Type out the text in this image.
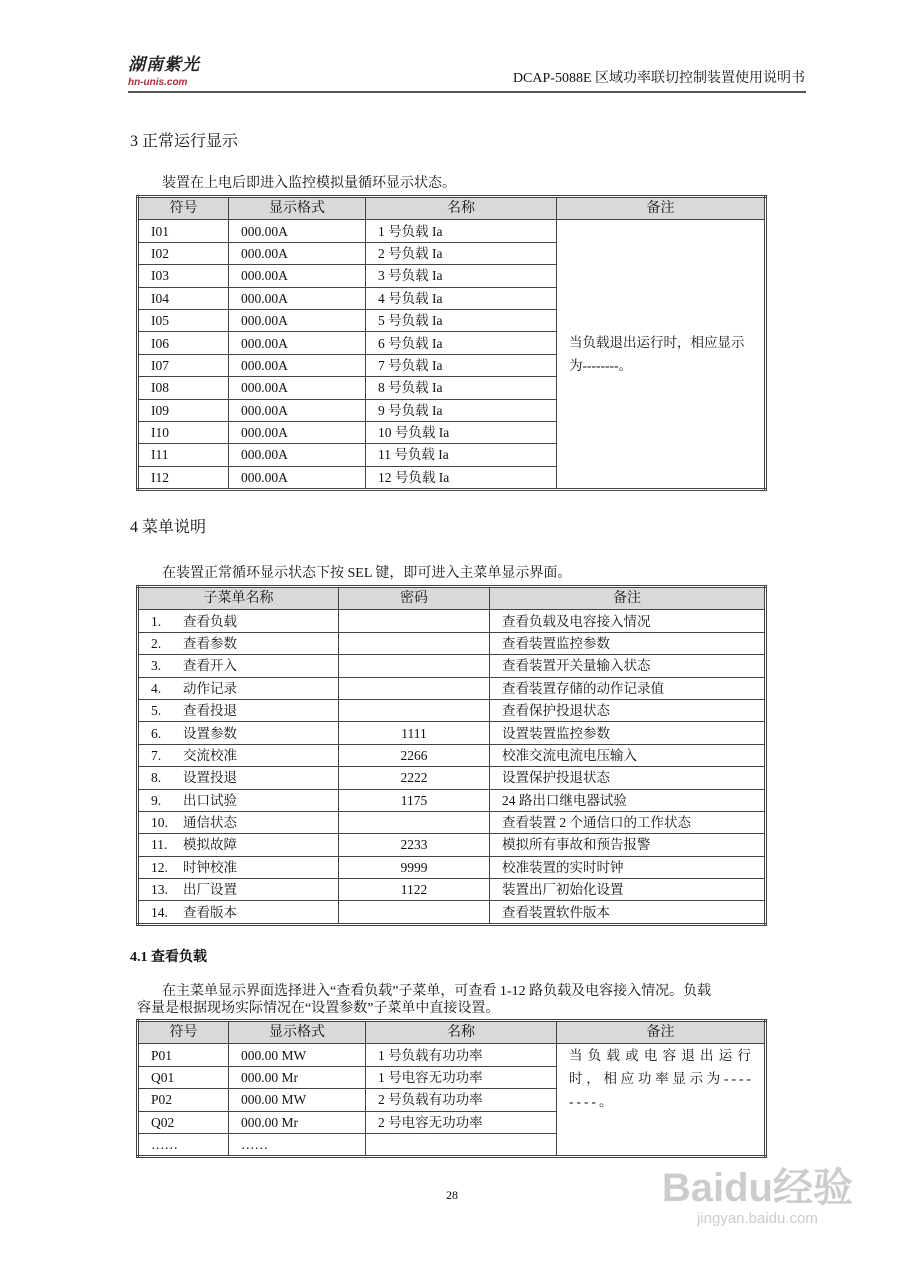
湖南紫光
hn-unis.com	DCAP-5088E 区域功率联切控制装置使用说明书
3 正常运行显示
装置在上电后即进入监控模拟量循环显示状态。
符号	显示格式	名称	备注
I01	000.00A	1 号负载 Ia	当负载退出运行时，相应显示为--------。
I02	000.00A	2 号负载 Ia	
I03	000.00A	3 号负载 Ia	
I04	000.00A	4 号负载 Ia	
I05	000.00A	5 号负载 Ia	
I06	000.00A	6 号负载 Ia	
I07	000.00A	7 号负载 Ia	
I08	000.00A	8 号负载 Ia	
I09	000.00A	9 号负载 Ia	
I10	000.00A	10 号负载 Ia	
I11	000.00A	11 号负载 Ia	
I12	000.00A	12 号负载 Ia	
4 菜单说明
在装置正常循环显示状态下按 SEL 键，即可进入主菜单显示界面。
子菜单名称	密码	备注
1. 查看负载		查看负载及电容接入情况
2. 查看参数		查看装置监控参数
3. 查看开入		查看装置开关量输入状态
4. 动作记录		查看装置存储的动作记录值
5. 查看投退		查看保护投退状态
6. 设置参数	1111	设置装置监控参数
7. 交流校准	2266	校准交流电流电压输入
8. 设置投退	2222	设置保护投退状态
9. 出口试验	1175	24 路出口继电器试验
10. 通信状态		查看装置 2 个通信口的工作状态
11. 模拟故障	2233	模拟所有事故和预告报警
12. 时钟校准	9999	校准装置的实时时钟
13. 出厂设置	1122	装置出厂初始化设置
14. 查看版本		查看装置软件版本
4.1 查看负载
在主菜单显示界面选择进入“查看负载”子菜单，可查看 1-12 路负载及电容接入情况。负载
容量是根据现场实际情况在“设置参数”子菜单中直接设置。
符号	显示格式	名称	备注
P01	000.00 MW	1 号负载有功功率	当负载或电容退出运行时，相应功率显示为--------。
Q01	000.00 Mr	1 号电容无功功率	
P02	000.00 MW	2 号负载有功功率	
Q02	000.00 Mr	2 号电容无功功率	
……	……		
28	Baidu经验
jingyan.baidu.com
